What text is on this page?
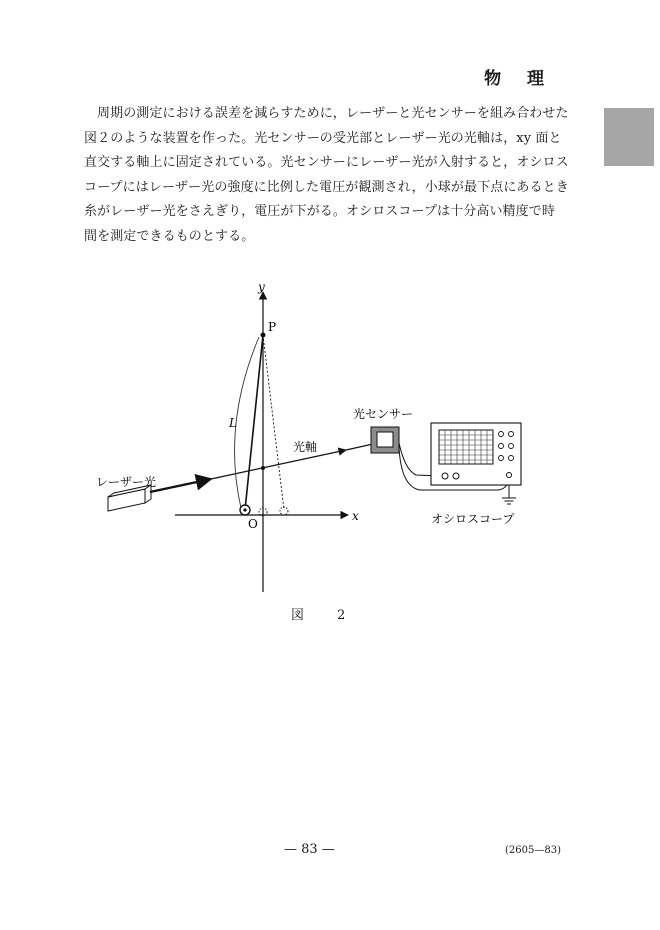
物 理
周期の測定における誤差を減らすために，レーザーと光センサーを組み合わせた
図２のような装置を作った。光センサーの受光部とレーザー光の光軸は，xy 面と
直交する軸上に固定されている。光センサーにレーザー光が入射すると，オシロス
コープにはレーザー光の強度に比例した電圧が観測され，小球が最下点にあるとき
糸がレーザー光をさえぎり，電圧が下がる。オシロスコープは十分高い精度で時
間を測定できるものとする。
y
x
P
L
O
レーザー光
光軸
光センサー
オシロスコープ
図　2
— 83 —	(2605—83)
